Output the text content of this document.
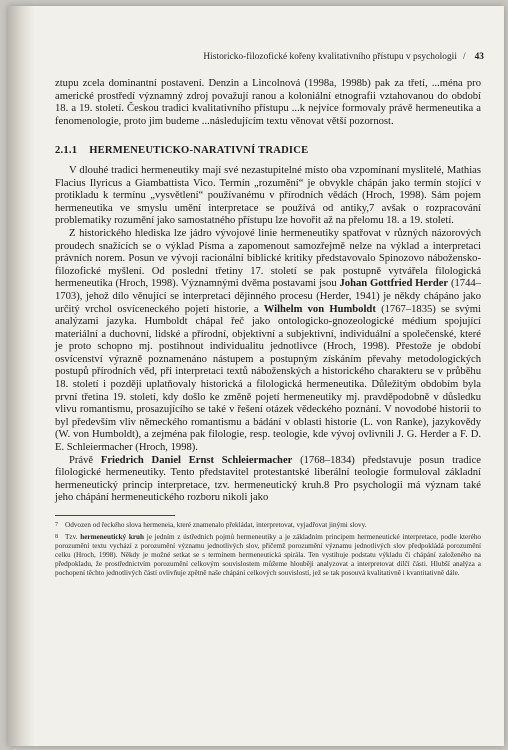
Historicko-filozofické kořeny kvalitativního přístupu v psychologii / 43

ztupu zcela dominantní postavení. Denzin a Lincolnová (1998a, 1998b) pak za třetí, ...ména pro americké prostředí významný zdroj považují ranou a koloniální etnografii vztahovanou do období 18. a 19. století. Českou tradici kvalitativního přístupu ...k nejvíce formovaly právě hermeneutika a fenomenologie, proto jim budeme ...následujícím textu věnovat větší pozornost.

2.1.1 HERMENEUTICKO-NARATIVNÍ TRADICE

V dlouhé tradici hermeneutiky mají své nezastupitelné místo oba vzpomínaní myslitelé, Mathias Flacius Ilyricus a Giambattista Vico. Termín „rozumění“ je obvykle chápán jako termín stojící v protikladu k termínu „vysvětlení“ používanému v přírodních vědách (Hroch, 1998). Sám pojem hermeneutika ve smyslu umění interpretace se používá od antiky,7 avšak o rozpracování problematiky rozumění jako samostatného přístupu lze hovořit až na přelomu 18. a 19. století.

Z historického hlediska lze jádro vývojové linie hermeneutiky spatřovat v různých názorových proudech snažících se o výklad Písma a zapomenout samozřejmě nelze na výklad a interpretaci právních norem. Posun ve vývoji racionální biblické kritiky představovalo Spinozovo nábožensko-filozofické myšlení. Od poslední třetiny 17. století se pak postupně vytvářela filologická hermeneutika (Hroch, 1998). Významnými dvěma postavami jsou Johan Gottfried Herder (1744–1703), jehož dílo věnující se interpretaci dějinného procesu (Herder, 1941) je někdy chápáno jako určitý vrchol osvíceneckého pojetí historie, a Wilhelm von Humboldt (1767–1835) se svými analýzami jazyka. Humboldt chápal řeč jako ontologicko-gnozeologické médium spojující materiální a duchovní, lidské a přírodní, objektivní a subjektivní, individuální a společenské, které je proto schopno mj. postihnout individualitu jednotlivce (Hroch, 1998). Přestože je období osvícenství výrazně poznamenáno nástupem a postupným získáním převahy metodologických postupů přírodních věd, při interpretaci textů náboženských a historického charakteru se v průběhu 18. století i později uplatňovaly historická a filologická hermeneutika. Důležitým obdobím byla první třetina 19. století, kdy došlo ke změně pojetí hermeneutiky mj. pravděpodobně v důsledku vlivu romantismu, prosazujícího se také v řešení otázek vědeckého poznání. V novodobé historii to byl především vliv německého romantismu a bádání v oblasti historie (L. von Ranke), jazykovědy (W. von Humboldt), a zejména pak filologie, resp. teologie, kde vývoj ovlivnili J. G. Herder a F. D. E. Schleiermacher (Hroch, 1998).

Právě Friedrich Daniel Ernst Schleiermacher (1768–1834) představuje posun tradice filologické hermeneutiky. Tento představitel protestantské liberální teologie formuloval základní hermeneutický princip interpretace, tzv. hermeneutický kruh.8 Pro psychologii má význam také jeho chápání hermeneutického rozboru nikoli jako

7 Odvozen od řeckého slova hermeneia, které znamenalo překládat, interpretovat, vyjadřovat jinými slovy.

8 Tzv. hermeneutický kruh je jedním z ústředních pojmů hermeneutiky a je základním principem hermeneutické interpretace, podle kterého porozumění textu vychází z porozumění významu jednotlivých slov, přičemž porozumění významu jednotlivých slov předpokládá porozumění celku (Hroch, 1998). Někdy je možné setkat se s termínem hermeneutická spirála. Ten vystihuje podstatu výkladu či chápání založeného na předpokladu, že prostřednictvím porozumění celkovým souvislostem můžeme hlouběji analyzovat a interpretovat dílčí části. Hlubší analýza a pochopení těchto jednotlivých částí ovlivňuje zpětně naše chápání celkových souvislostí, jež se tak posouvá kvalitativně i kvantitativně dále.
